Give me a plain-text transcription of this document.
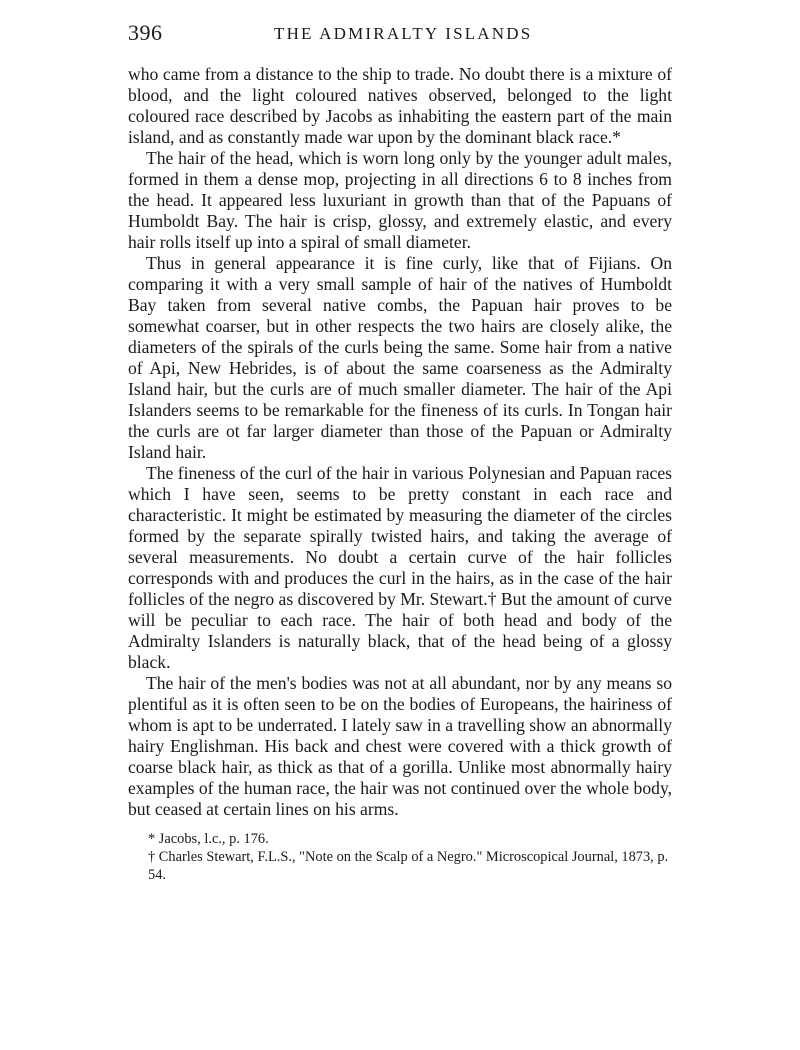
396	THE ADMIRALTY ISLANDS

who came from a distance to the ship to trade. No doubt there is a mixture of blood, and the light coloured natives observed, belonged to the light coloured race described by Jacobs as inhabiting the eastern part of the main island, and as constantly made war upon by the dominant black race.*

The hair of the head, which is worn long only by the younger adult males, formed in them a dense mop, projecting in all directions 6 to 8 inches from the head. It appeared less luxuriant in growth than that of the Papuans of Humboldt Bay. The hair is crisp, glossy, and extremely elastic, and every hair rolls itself up into a spiral of small diameter.

Thus in general appearance it is fine curly, like that of Fijians. On comparing it with a very small sample of hair of the natives of Humboldt Bay taken from several native combs, the Papuan hair proves to be somewhat coarser, but in other respects the two hairs are closely alike, the diameters of the spirals of the curls being the same. Some hair from a native of Api, New Hebrides, is of about the same coarseness as the Admiralty Island hair, but the curls are of much smaller diameter. The hair of the Api Islanders seems to be remarkable for the fineness of its curls. In Tongan hair the curls are ot far larger diameter than those of the Papuan or Admiralty Island hair.

The fineness of the curl of the hair in various Polynesian and Papuan races which I have seen, seems to be pretty constant in each race and characteristic. It might be estimated by measuring the diameter of the circles formed by the separate spirally twisted hairs, and taking the average of several measurements. No doubt a certain curve of the hair follicles corresponds with and produces the curl in the hairs, as in the case of the hair follicles of the negro as discovered by Mr. Stewart.† But the amount of curve will be peculiar to each race. The hair of both head and body of the Admiralty Islanders is naturally black, that of the head being of a glossy black.

The hair of the men's bodies was not at all abundant, nor by any means so plentiful as it is often seen to be on the bodies of Europeans, the hairiness of whom is apt to be underrated. I lately saw in a travelling show an abnormally hairy Englishman. His back and chest were covered with a thick growth of coarse black hair, as thick as that of a gorilla. Unlike most abnormally hairy examples of the human race, the hair was not continued over the whole body, but ceased at certain lines on his arms.

* Jacobs, l.c., p. 176.

† Charles Stewart, F.L.S., "Note on the Scalp of a Negro." Microscopical Journal, 1873, p. 54.
